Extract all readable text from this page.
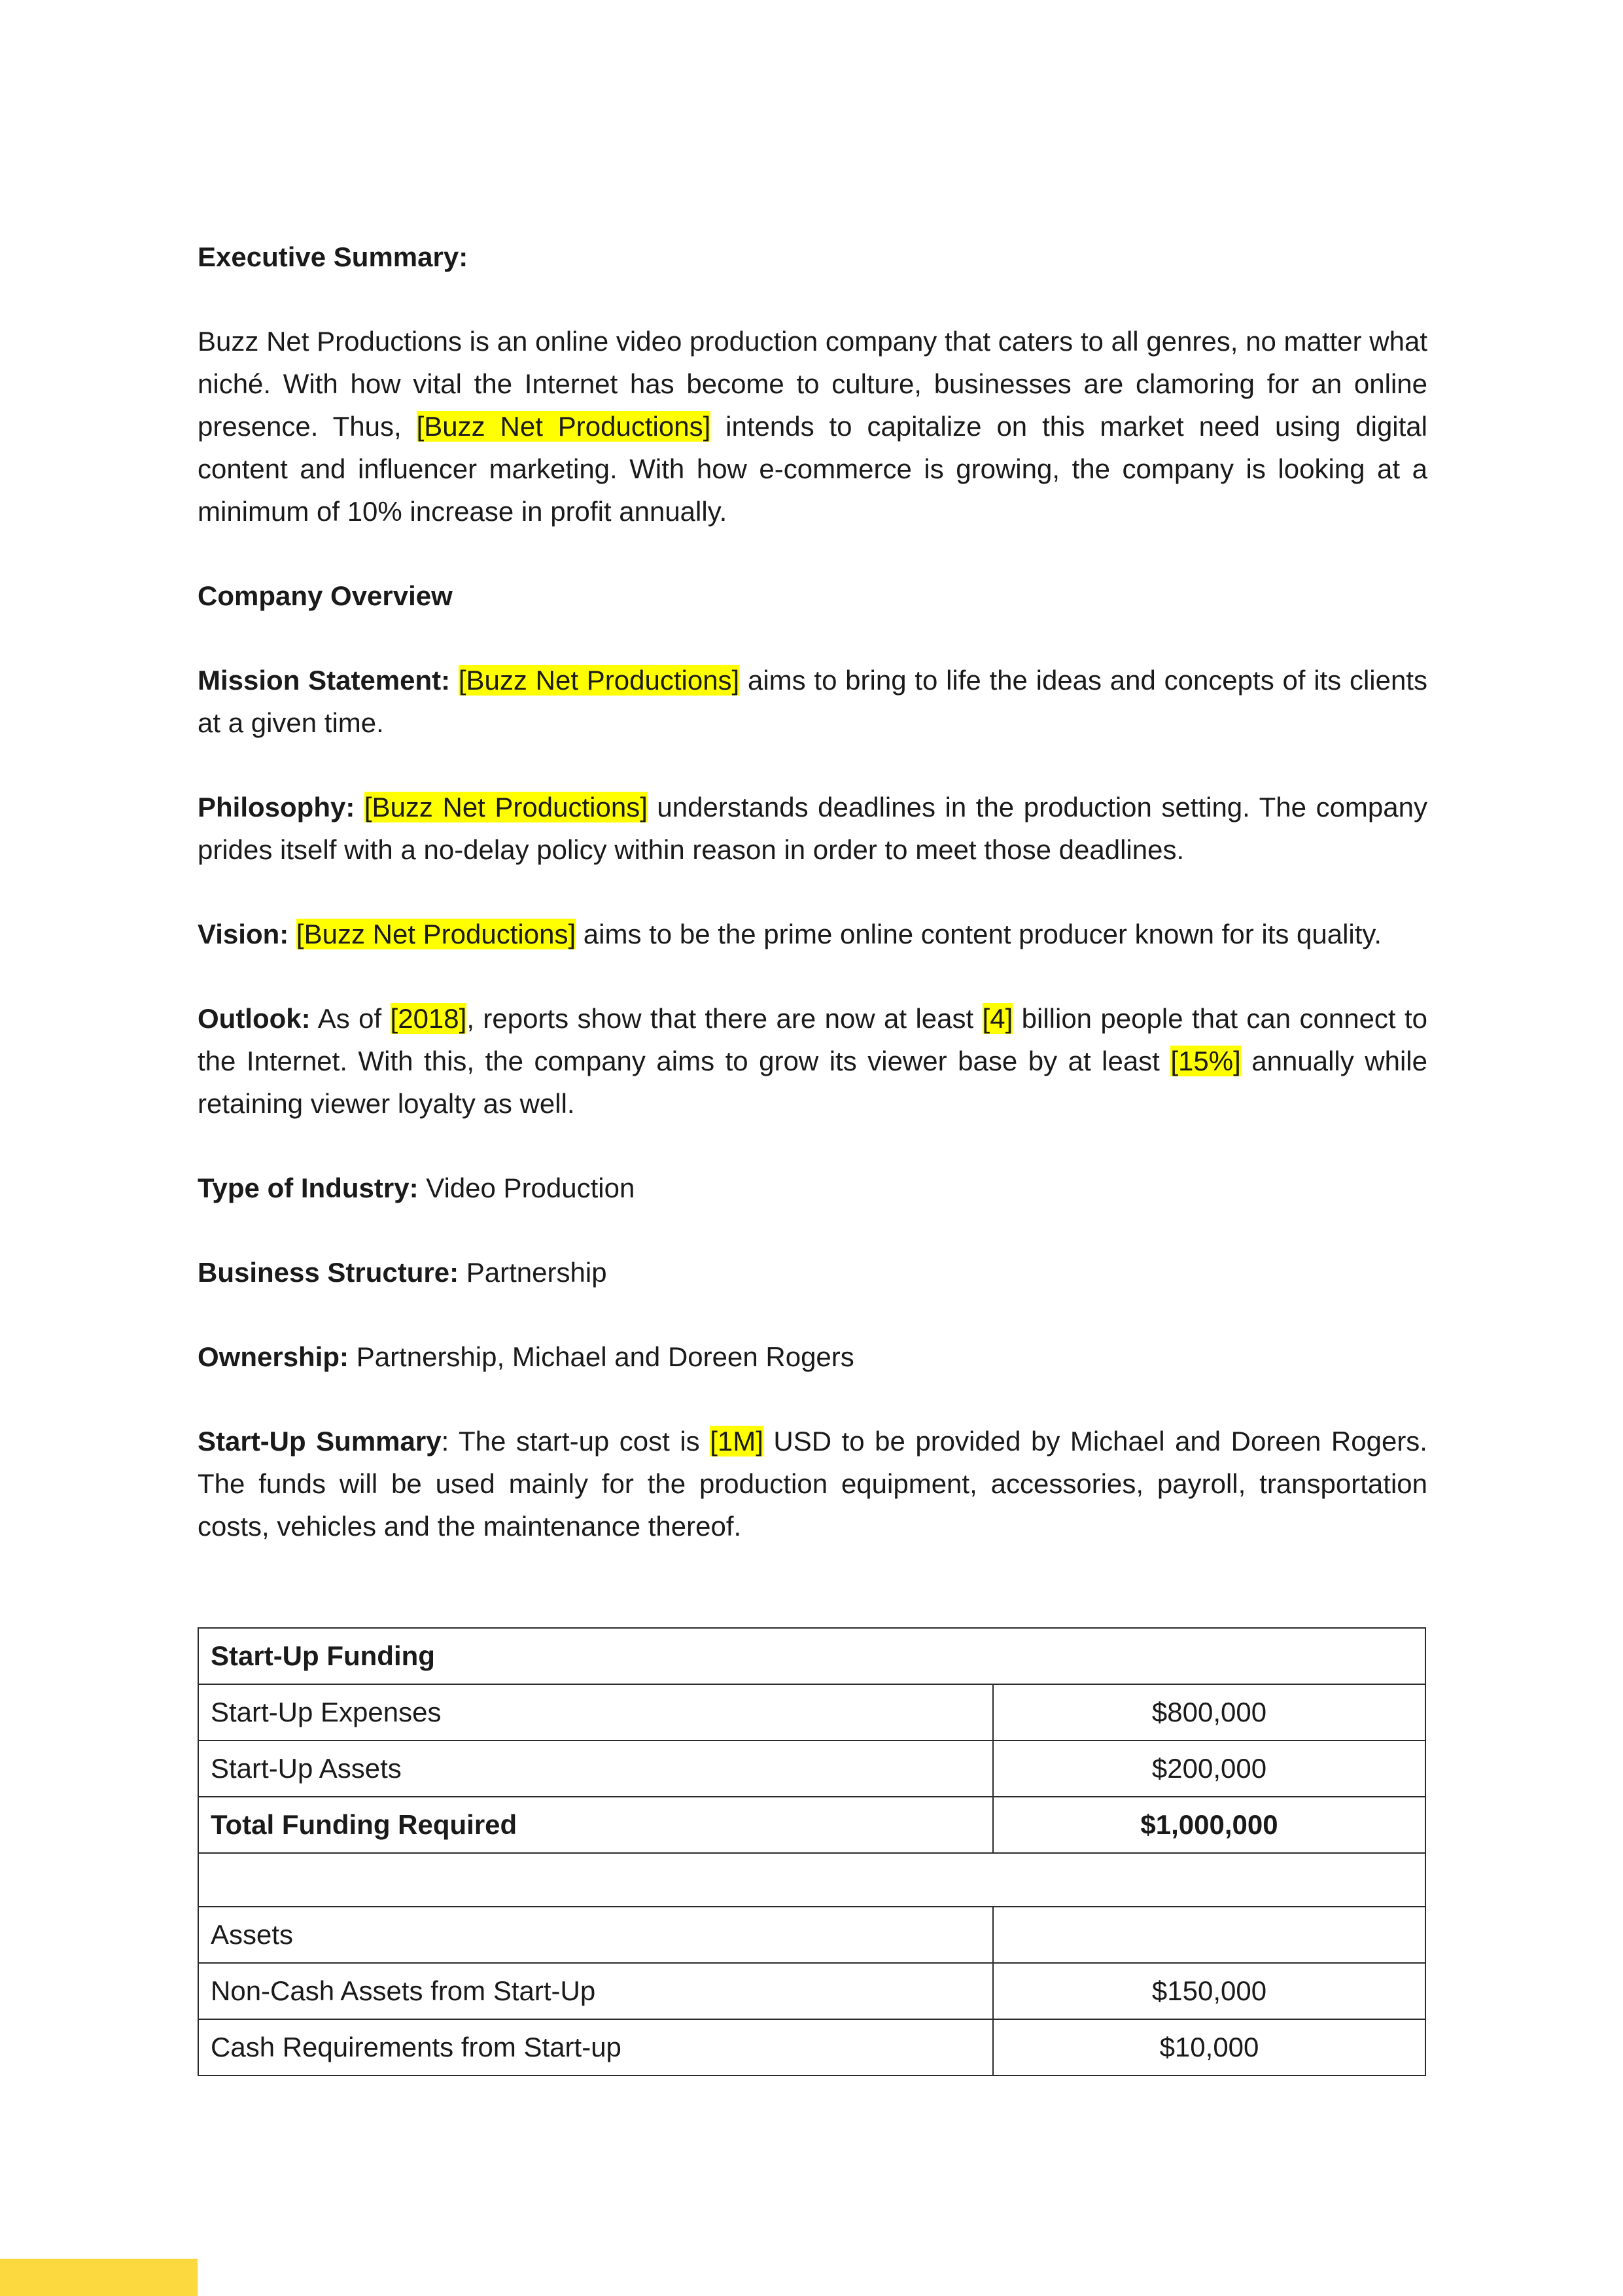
Executive Summary:

Buzz Net Productions is an online video production company that caters to all genres, no matter what niché. With how vital the Internet has become to culture, businesses are clamoring for an online presence. Thus, [Buzz Net Productions] intends to capitalize on this market need using digital content and influencer marketing. With how e-commerce is growing, the company is looking at a minimum of 10% increase in profit annually.

Company Overview

Mission Statement: [Buzz Net Productions] aims to bring to life the ideas and concepts of its clients at a given time.

Philosophy: [Buzz Net Productions] understands deadlines in the production setting. The company prides itself with a no-delay policy within reason in order to meet those deadlines.

Vision: [Buzz Net Productions] aims to be the prime online content producer known for its quality.

Outlook: As of [2018], reports show that there are now at least [4] billion people that can connect to the Internet. With this, the company aims to grow its viewer base by at least [15%] annually while retaining viewer loyalty as well.

Type of Industry: Video Production

Business Structure: Partnership

Ownership: Partnership, Michael and Doreen Rogers

Start-Up Summary: The start-up cost is [1M] USD to be provided by Michael and Doreen Rogers. The funds will be used mainly for the production equipment, accessories, payroll, transportation costs, vehicles and the maintenance thereof.

Start-Up Funding	
Start-Up Expenses	$800,000
Start-Up Assets	$200,000
Total Funding Required	$1,000,000

Assets	
Non-Cash Assets from Start-Up	$150,000
Cash Requirements from Start-up	$10,000
